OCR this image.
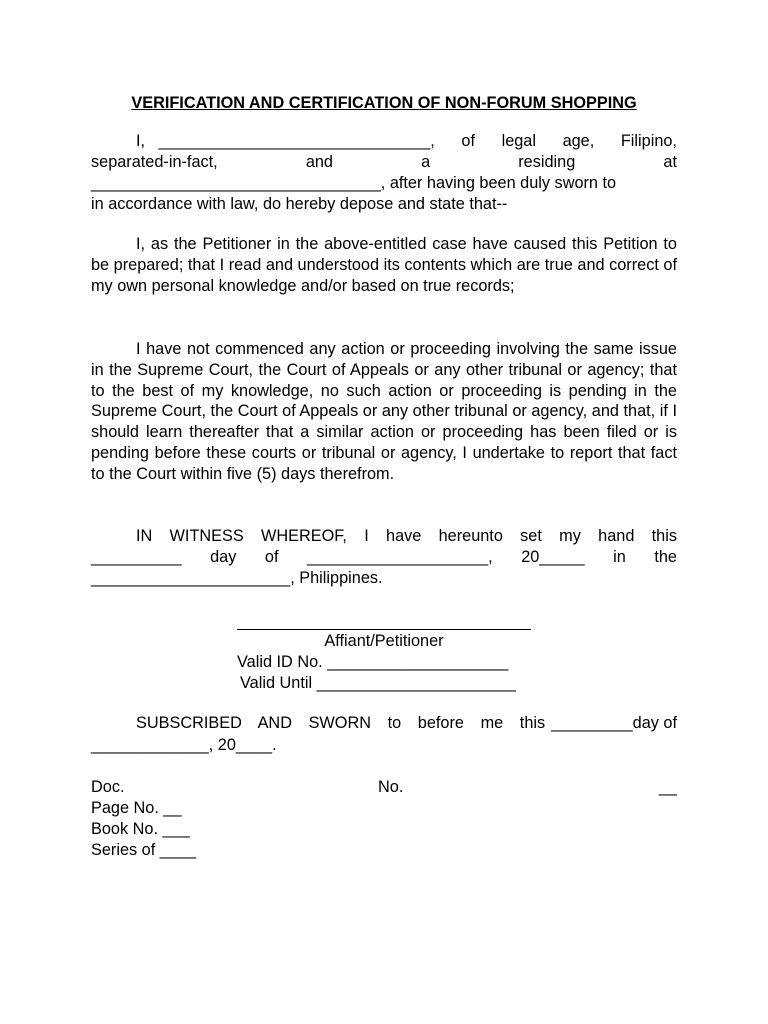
VERIFICATION AND CERTIFICATION OF NON-FORUM SHOPPING
I, ______________________________, of legal age, Filipino,
separated-in-fact,	and	a	residing	at
________________________________, after having been duly sworn to
in accordance with law, do hereby depose and state that--
I, as the Petitioner in the above-entitled case have caused this Petition to be prepared; that I read and understood its contents which are true and correct of my own personal knowledge and/or based on true records;
I have not commenced any action or proceeding involving the same issue in the Supreme Court, the Court of Appeals or any other tribunal or agency; that to the best of my knowledge, no such action or proceeding is pending in the Supreme Court, the Court of Appeals or any other tribunal or agency, and that, if I should learn thereafter that a similar action or proceeding has been filed or is pending before these courts or tribunal or agency, I undertake to report that fact to the Court within five (5) days therefrom.
IN WITNESS WHEREOF, I have hereunto set my hand this
__________ day of ____________________, 20_____ in the
______________________, Philippines.
Affiant/Petitioner
Valid ID No. ____________________
Valid Until ______________________
SUBSCRIBED AND SWORN to before me this _________day of
_____________, 20____.
Doc.	No.	__
Page No. __
Book No. ___
Series of ____
